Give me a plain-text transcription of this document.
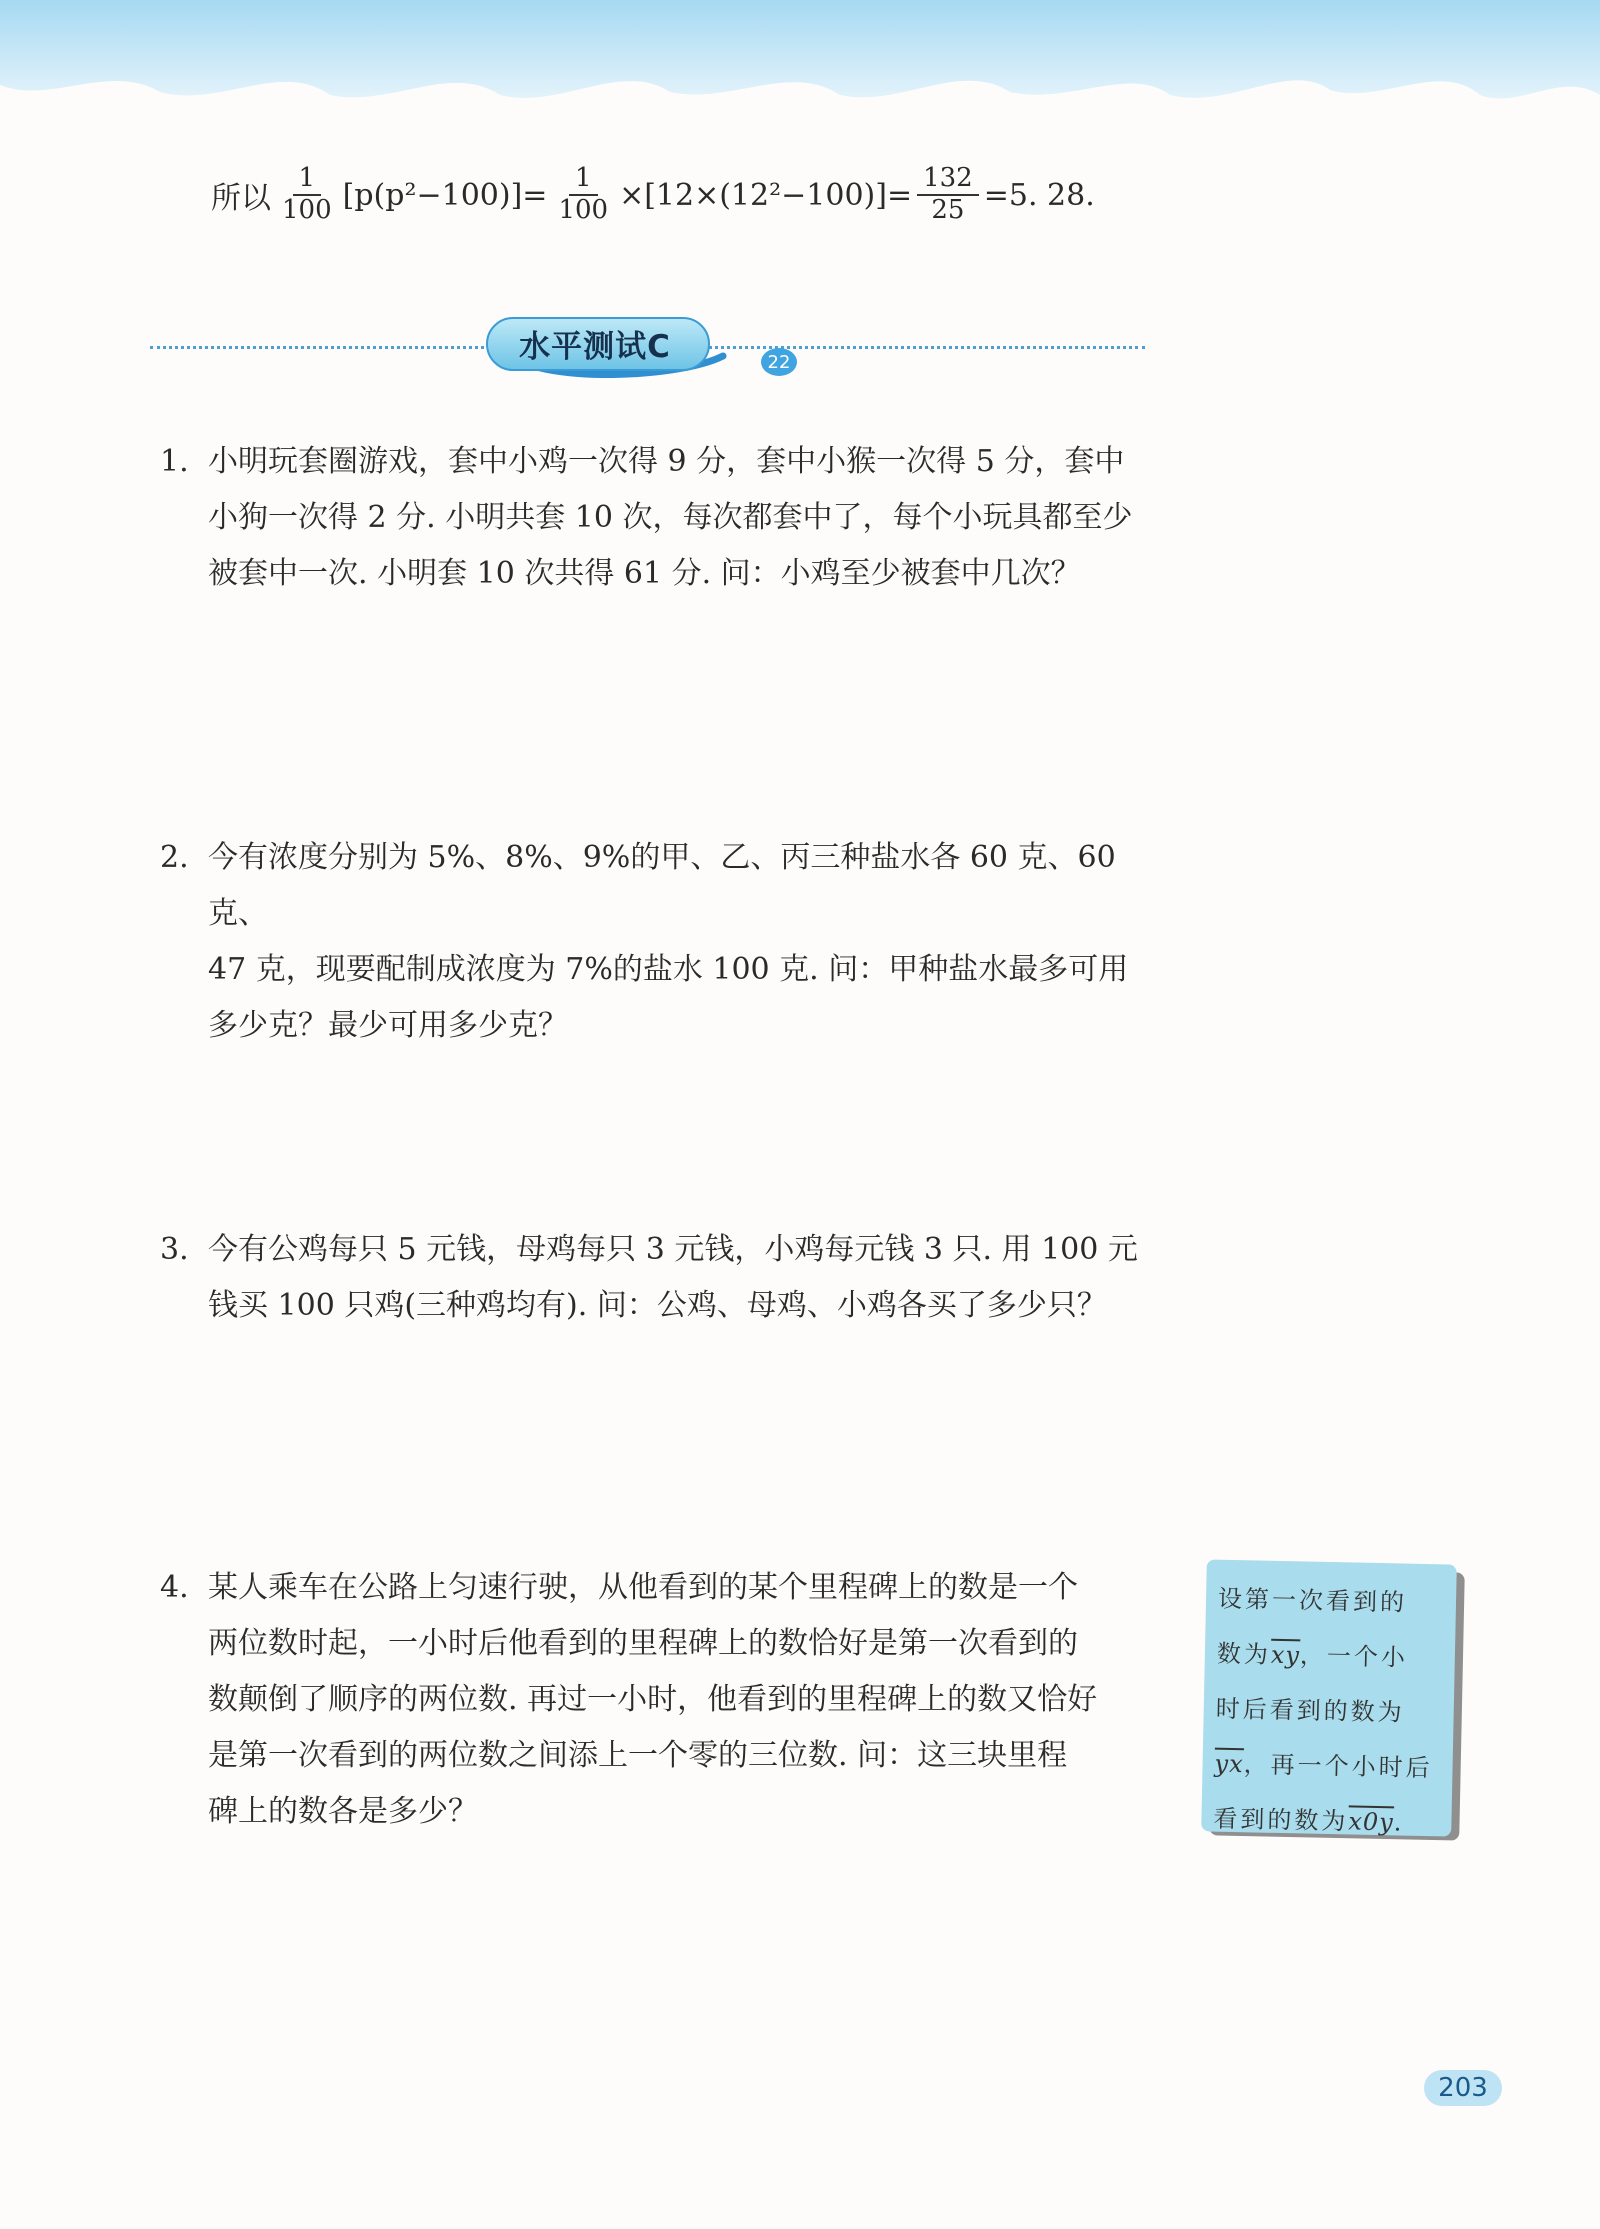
所以 $\frac{1}{100} [p(p^2-100)]= \frac{1}{100} \times[12\times(12^2-100)]= \frac{132}{25} =5$. 28.
水平测试C	22
1. 小明玩套圈游戏，套中小鸡一次得 9 分，套中小猴一次得 5 分，套中
小狗一次得 2 分. 小明共套 10 次，每次都套中了，每个小玩具都至少
被套中一次. 小明套 10 次共得 61 分. 问：小鸡至少被套中几次？
2. 今有浓度分别为 5%、8%、9%的甲、乙、丙三种盐水各 60 克、60 克、
47 克，现要配制成浓度为 7%的盐水 100 克. 问：甲种盐水最多可用
多少克？最少可用多少克？
3. 今有公鸡每只 5 元钱，母鸡每只 3 元钱，小鸡每元钱 3 只. 用 100 元
钱买 100 只鸡(三种鸡均有). 问：公鸡、母鸡、小鸡各买了多少只？
4. 某人乘车在公路上匀速行驶，从他看到的某个里程碑上的数是一个
两位数时起，一小时后他看到的里程碑上的数恰好是第一次看到的
数颠倒了顺序的两位数. 再过一小时，他看到的里程碑上的数又恰好
是第一次看到的两位数之间添上一个零的三位数. 问：这三块里程
碑上的数各是多少？
设第一次看到的
数为$\overline{xy}$，一个小
时后看到的数为
$\overline{yx}$，再一个小时后
看到的数为x0y.
203
